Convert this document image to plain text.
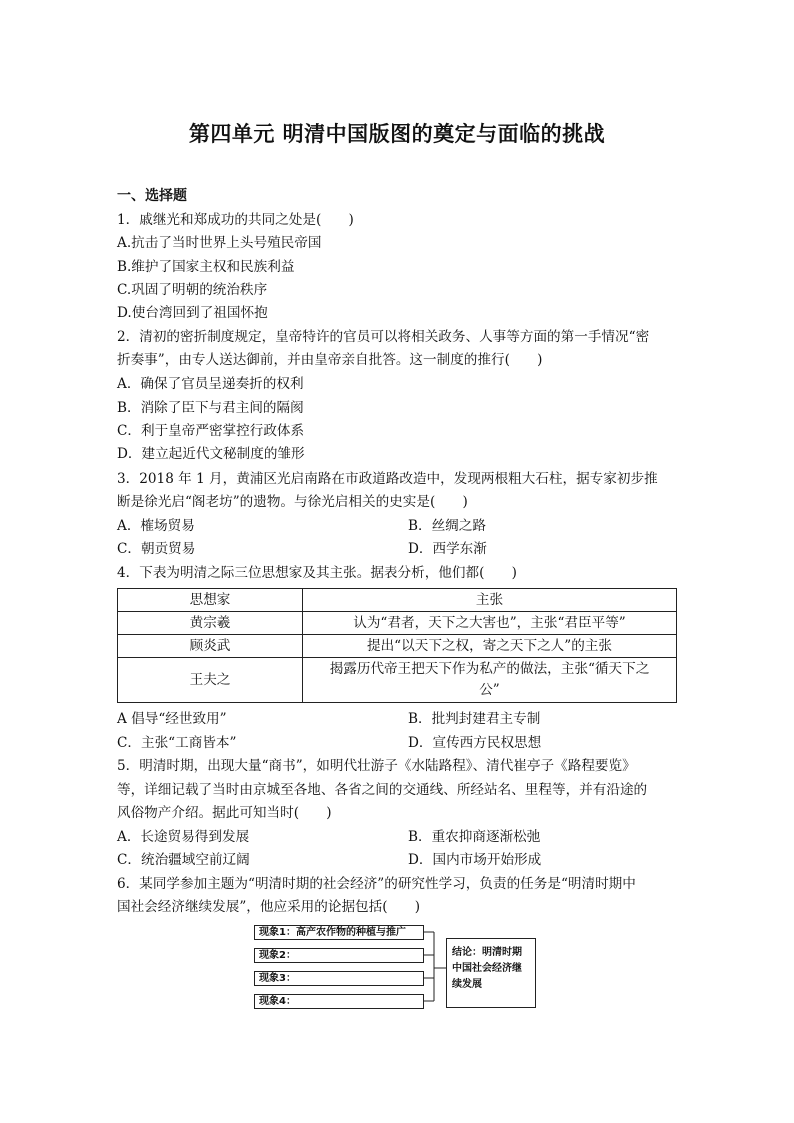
第四单元 明清中国版图的奠定与面临的挑战
一、选择题
1．戚继光和郑成功的共同之处是(　　)
A.抗击了当时世界上头号殖民帝国
B.维护了国家主权和民族利益
C.巩固了明朝的统治秩序
D.使台湾回到了祖国怀抱
2．清初的密折制度规定，皇帝特许的官员可以将相关政务、人事等方面的第一手情况“密
折奏事”，由专人送达御前，并由皇帝亲自批答。这一制度的推行(　　)
A．确保了官员呈递奏折的权利
B．消除了臣下与君主间的隔阂
C．利于皇帝严密掌控行政体系
D．建立起近代文秘制度的雏形
3．2018 年 1 月，黄浦区光启南路在市政道路改造中，发现两根粗大石柱，据专家初步推
断是徐光启“阁老坊”的遗物。与徐光启相关的史实是(　　)
A．榷场贸易	B．丝绸之路
C．朝贡贸易	D．西学东渐
4．下表为明清之际三位思想家及其主张。据表分析，他们都(　　)
思想家	主张
黄宗羲	认为“君者，天下之大害也”，主张“君臣平等”
顾炎武	提出“以天下之权，寄之天下之人”的主张
王夫之	揭露历代帝王把天下作为私产的做法，主张“循天下之
公”
A 倡导“经世致用”	B．批判封建君主专制
C．主张“工商皆本”	D．宣传西方民权思想
5．明清时期，出现大量“商书”，如明代壮游子《水陆路程》、清代崔亭子《路程要览》
等，详细记载了当时由京城至各地、各省之间的交通线、所经站名、里程等，并有沿途的
风俗物产介绍。据此可知当时(　　)
A．长途贸易得到发展	B．重农抑商逐渐松弛
C．统治疆域空前辽阔	D．国内市场开始形成
6．某同学参加主题为“明清时期的社会经济”的研究性学习，负责的任务是“明清时期中
国社会经济继续发展”，他应采用的论据包括(　　)
现象1：高产农作物的种植与推广
现象2：
现象3：
现象4：
结论：明清时期中国社会经济继续发展
